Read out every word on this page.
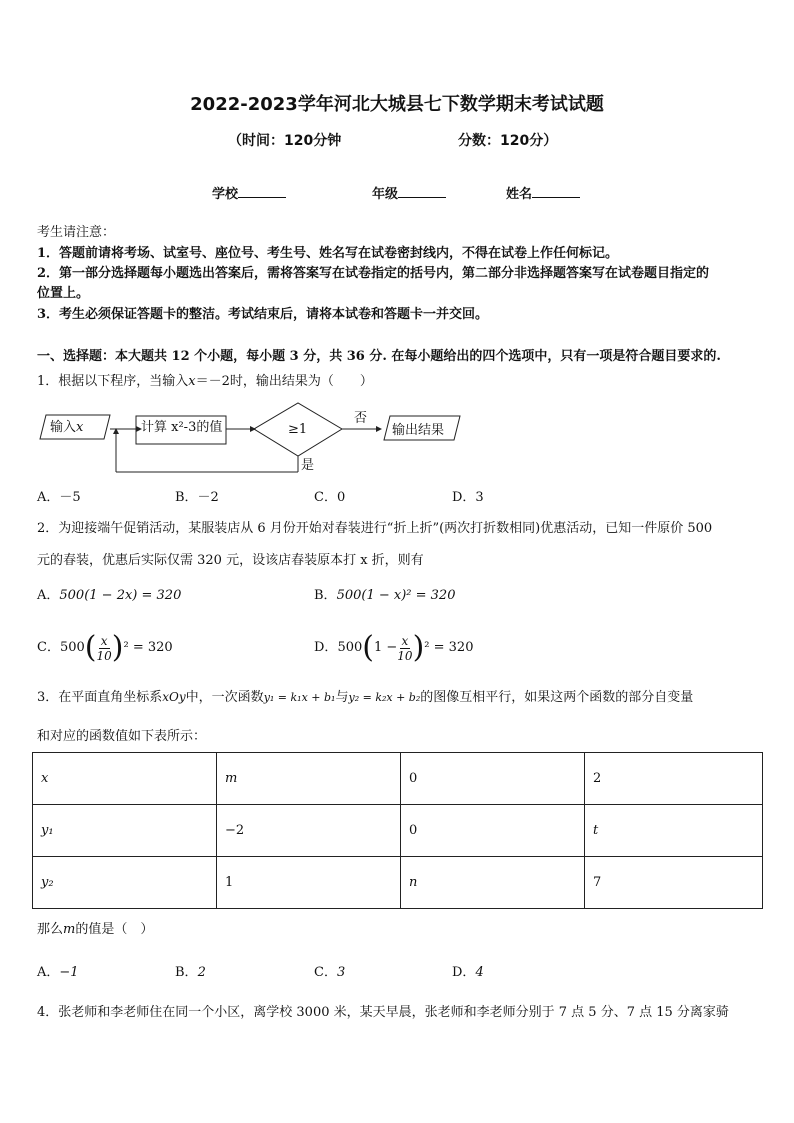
2022-2023学年河北大城县七下数学期末考试试题
（时间：120分钟	分数：120分）
学校	年级	姓名
考生请注意：
1．答题前请将考场、试室号、座位号、考生号、姓名写在试卷密封线内，不得在试卷上作任何标记。
2．第一部分选择题每小题选出答案后，需将答案写在试卷指定的括号内，第二部分非选择题答案写在试卷题目指定的
位置上。
3．考生必须保证答题卡的整洁。考试结束后，请将本试卷和答题卡一并交回。
一、选择题：本大题共 12 个小题，每小题 3 分，共 36 分. 在每小题给出的四个选项中，只有一项是符合题目要求的.
1．根据以下程序，当输入x＝－2时，输出结果为（　　）
输入x	计算 x²-3的值	≥1
否
是
输出结果
A．－5	B．－2	C．0	D．3
2．为迎接端午促销活动，某服装店从 6 月份开始对春装进行“折上折”(两次打折数相同)优惠活动，已知一件原价 500
元的春装，优惠后实际仅需 320 元，设该店春装原本打 x 折，则有
A．500(1 − 2x) = 320	B．500(1 − x)² = 320
C． 500 ( $\frac{x}{10}$ ) ² = 320	D． 500 ( $1 - \frac{x}{10}$ ) ² = 320
3．在平面直角坐标系xOy中，一次函数y₁ = k₁x + b₁与y₂ = k₂x + b₂的图像互相平行，如果这两个函数的部分自变量
和对应的函数值如下表所示：
x	m	0	2
y₁	−2	0	t
y₂	1	n	7
那么m的值是（　）
A．−1	B．2	C．3	D．4
4．张老师和李老师住在同一个小区，离学校 3000 米，某天早晨，张老师和李老师分别于 7 点 5 分、7 点 15 分离家骑
